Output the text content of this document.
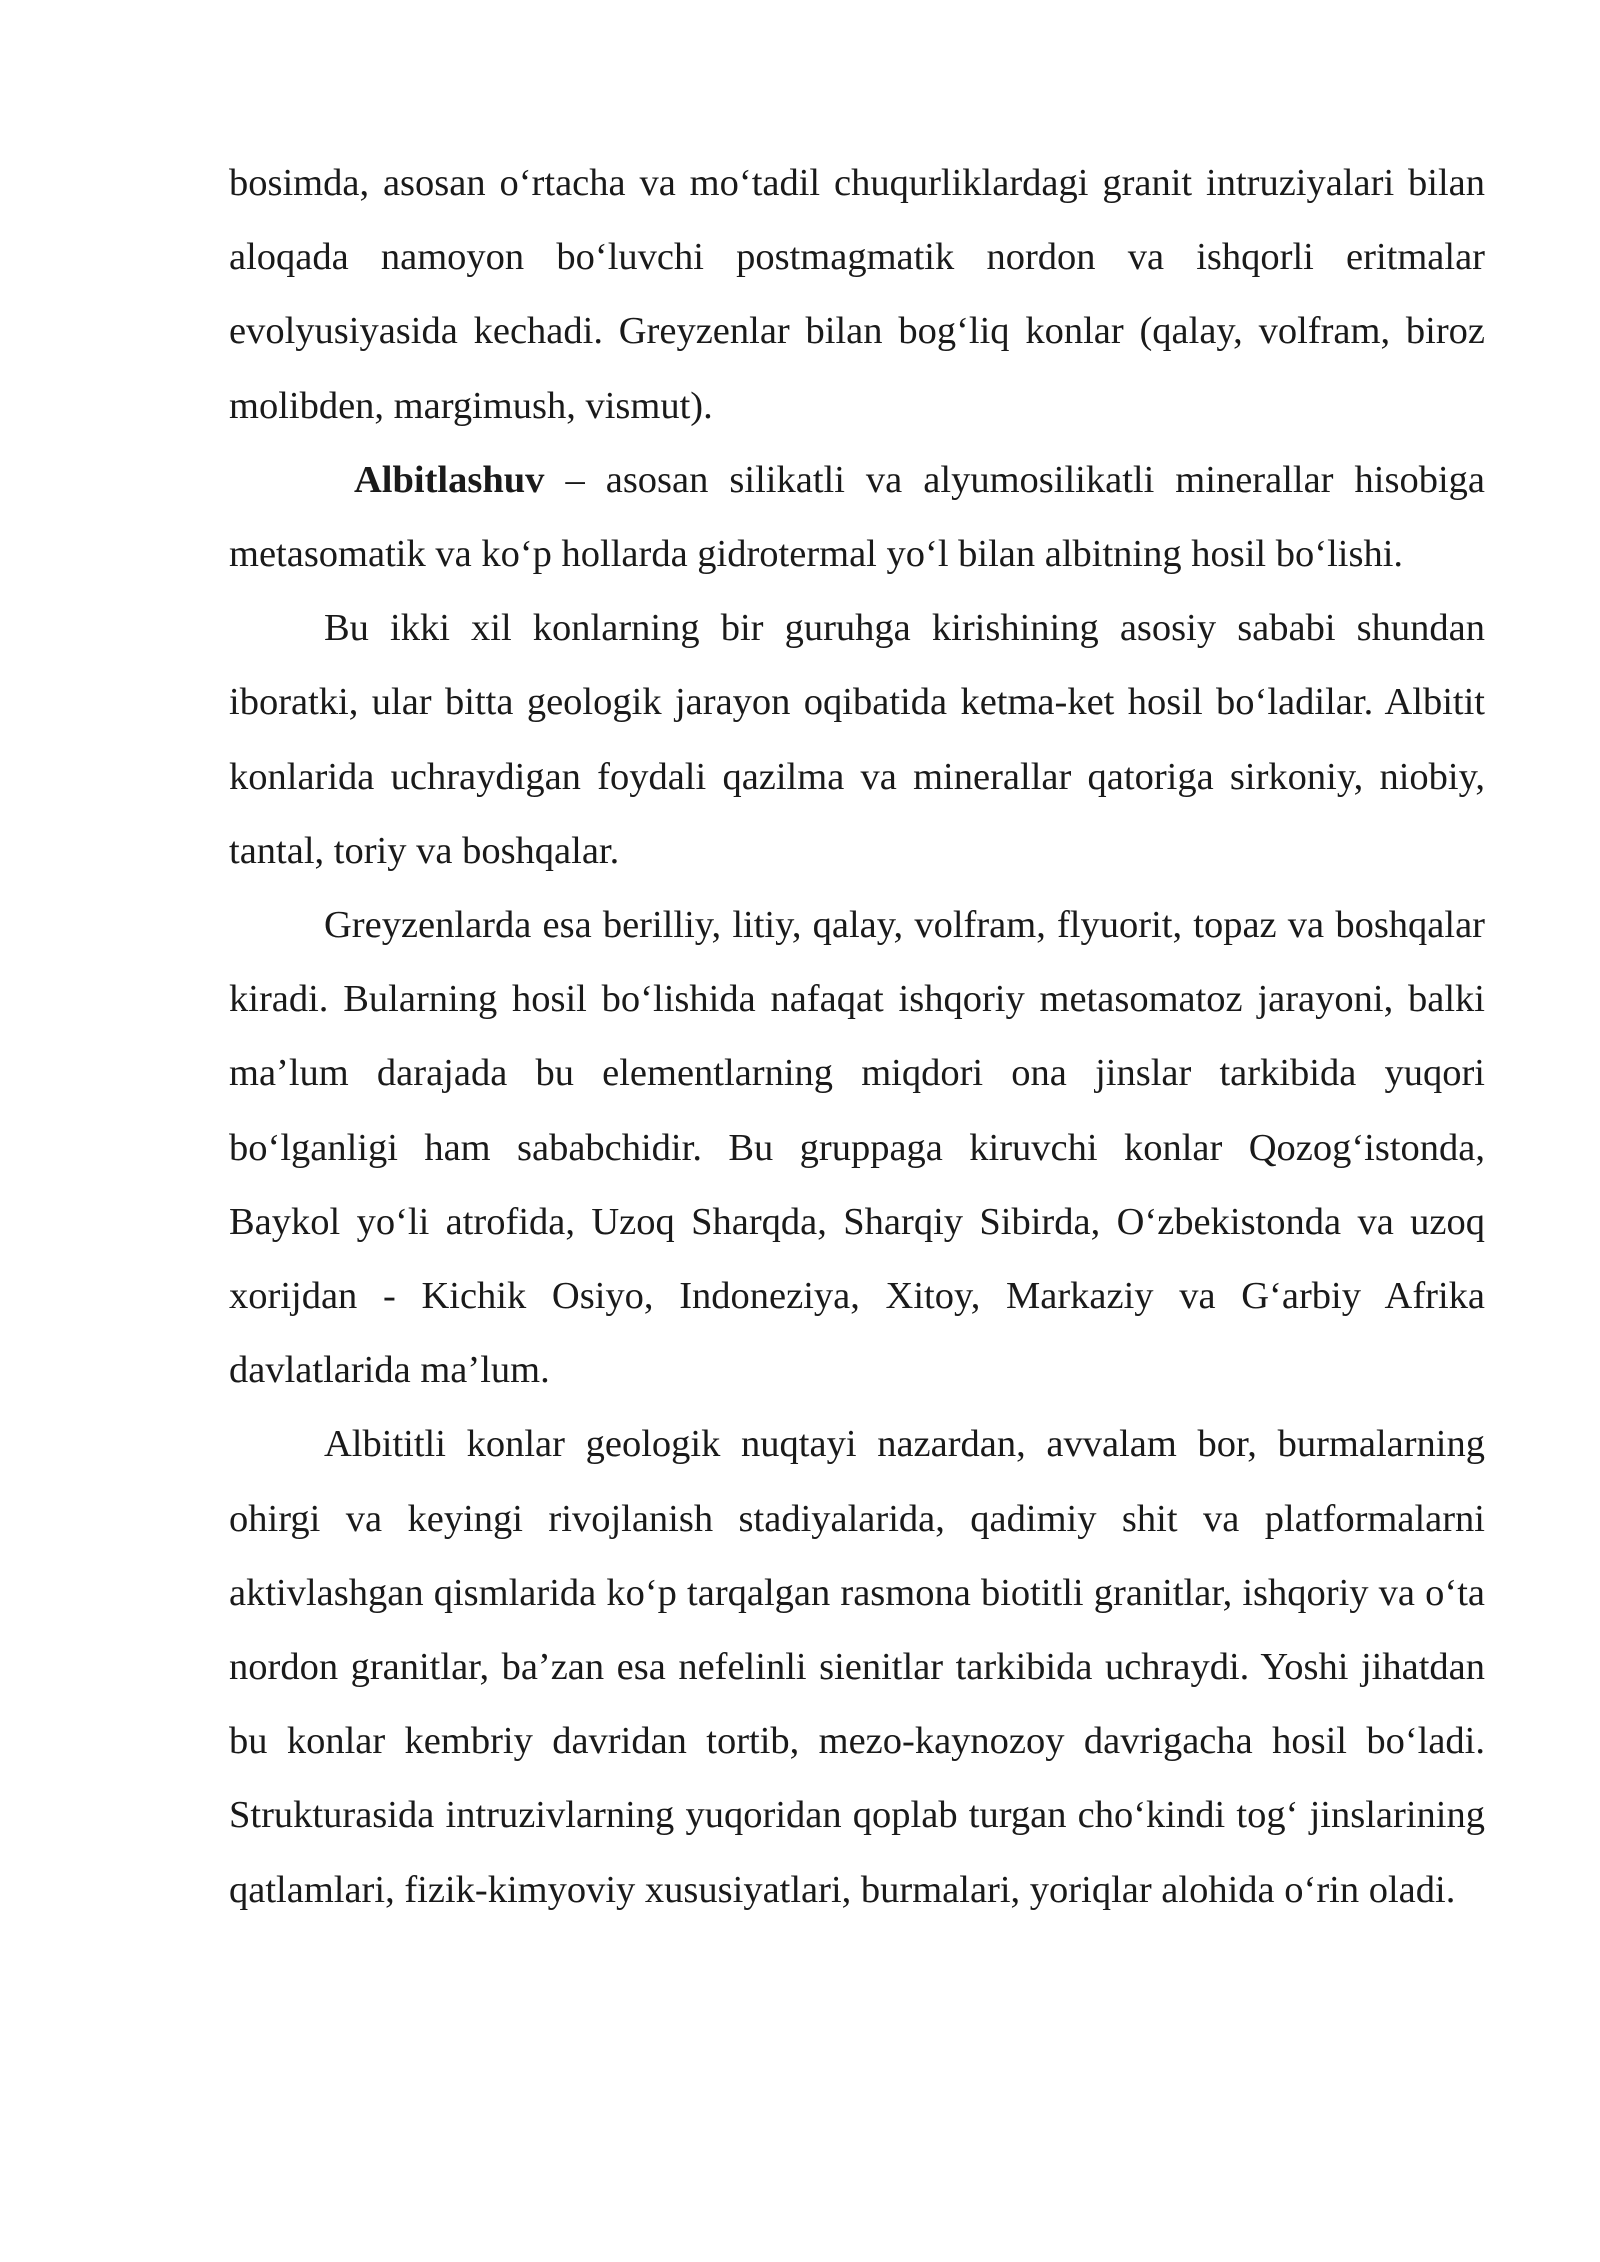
bosimda, asosan o‘rtacha va mo‘tadil chuqurliklardagi granit intruziyalari bilan aloqada namoyon bo‘luvchi postmagmatik nordon va ishqorli eritmalar evolyusiyasida kechadi. Greyzenlar bilan bog‘liq konlar (qalay, volfram, biroz molibden, margimush, vismut).

Albitlashuv – asosan silikatli va alyumosilikatli minerallar hisobiga metasomatik va ko‘p hollarda gidrotermal yo‘l bilan albitning hosil bo‘lishi.

Bu ikki xil konlarning bir guruhga kirishining asosiy sababi shundan iboratki, ular bitta geologik jarayon oqibatida ketma-ket hosil bo‘ladilar. Albitit konlarida uchraydigan foydali qazilma va minerallar qatoriga sirkoniy, niobiy, tantal, toriy va boshqalar.

Greyzenlarda esa berilliy, litiy, qalay, volfram, flyuorit, topaz va boshqalar kiradi. Bularning hosil bo‘lishida nafaqat ishqoriy metasomatoz jarayoni, balki ma’lum darajada bu elementlarning miqdori ona jinslar tarkibida yuqori bo‘lganligi ham sababchidir. Bu gruppaga kiruvchi konlar Qozog‘istonda, Baykol yo‘li atrofida, Uzoq Sharqda, Sharqiy Sibirda, O‘zbekistonda va uzoq xorijdan - Kichik Osiyo, Indoneziya, Xitoy, Markaziy va G‘arbiy Afrika davlatlarida ma’lum.

Albititli konlar geologik nuqtayi nazardan, avvalam bor, burmalarning ohirgi va keyingi rivojlanish stadiyalarida, qadimiy shit va platformalarni aktivlashgan qismlarida ko‘p tarqalgan rasmona biotitli granitlar, ishqoriy va o‘ta nordon granitlar, ba’zan esa nefelinli sienitlar tarkibida uchraydi. Yoshi jihatdan bu konlar kembriy davridan tortib, mezo-kaynozoy davrigacha hosil bo‘ladi. Strukturasida intruzivlarning yuqoridan qoplab turgan cho‘kindi tog‘ jinslarining qatlamlari, fizik-kimyoviy xususiyatlari, burmalari, yoriqlar alohida o‘rin oladi.
